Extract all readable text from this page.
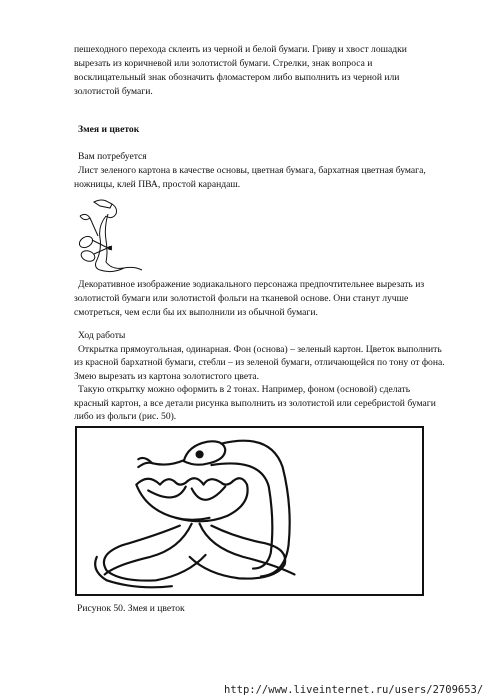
пешеходного перехода склеить из черной и белой бумаги. Гриву и хвост лошадки
вырезать из коричневой или золотистой бумаги. Стрелки, знак вопроса и
восклицательный знак обозначить фломастером либо выполнить из черной или
золотистой бумаги.
Змея и цветок
Вам потребуется
Лист зеленого картона в качестве основы, цветная бумага, бархатная цветная бумага,
ножницы, клей ПВА, простой карандаш.
Декоративное изображение зодиакального персонажа предпочтительнее вырезать из
золотистой бумаги или золотистой фольги на тканевой основе. Они станут лучше
смотреться, чем если бы их выполнили из обычной бумаги.
Ход работы
Открытка прямоугольная, одинарная. Фон (основа) – зеленый картон. Цветок выполнить
из красной бархатной бумаги, стебли – из зеленой бумаги, отличающейся по тону от фона.
Змею вырезать из картона золотистого цвета.
Такую открытку можно оформить в 2 тонах. Например, фоном (основой) сделать
красный картон, а все детали рисунка выполнить из золотистой или серебристой бумаги
либо из фольги (рис. 50).
Рисунок 50. Змея и цветок
http://www.liveinternet.ru/users/2709653/
